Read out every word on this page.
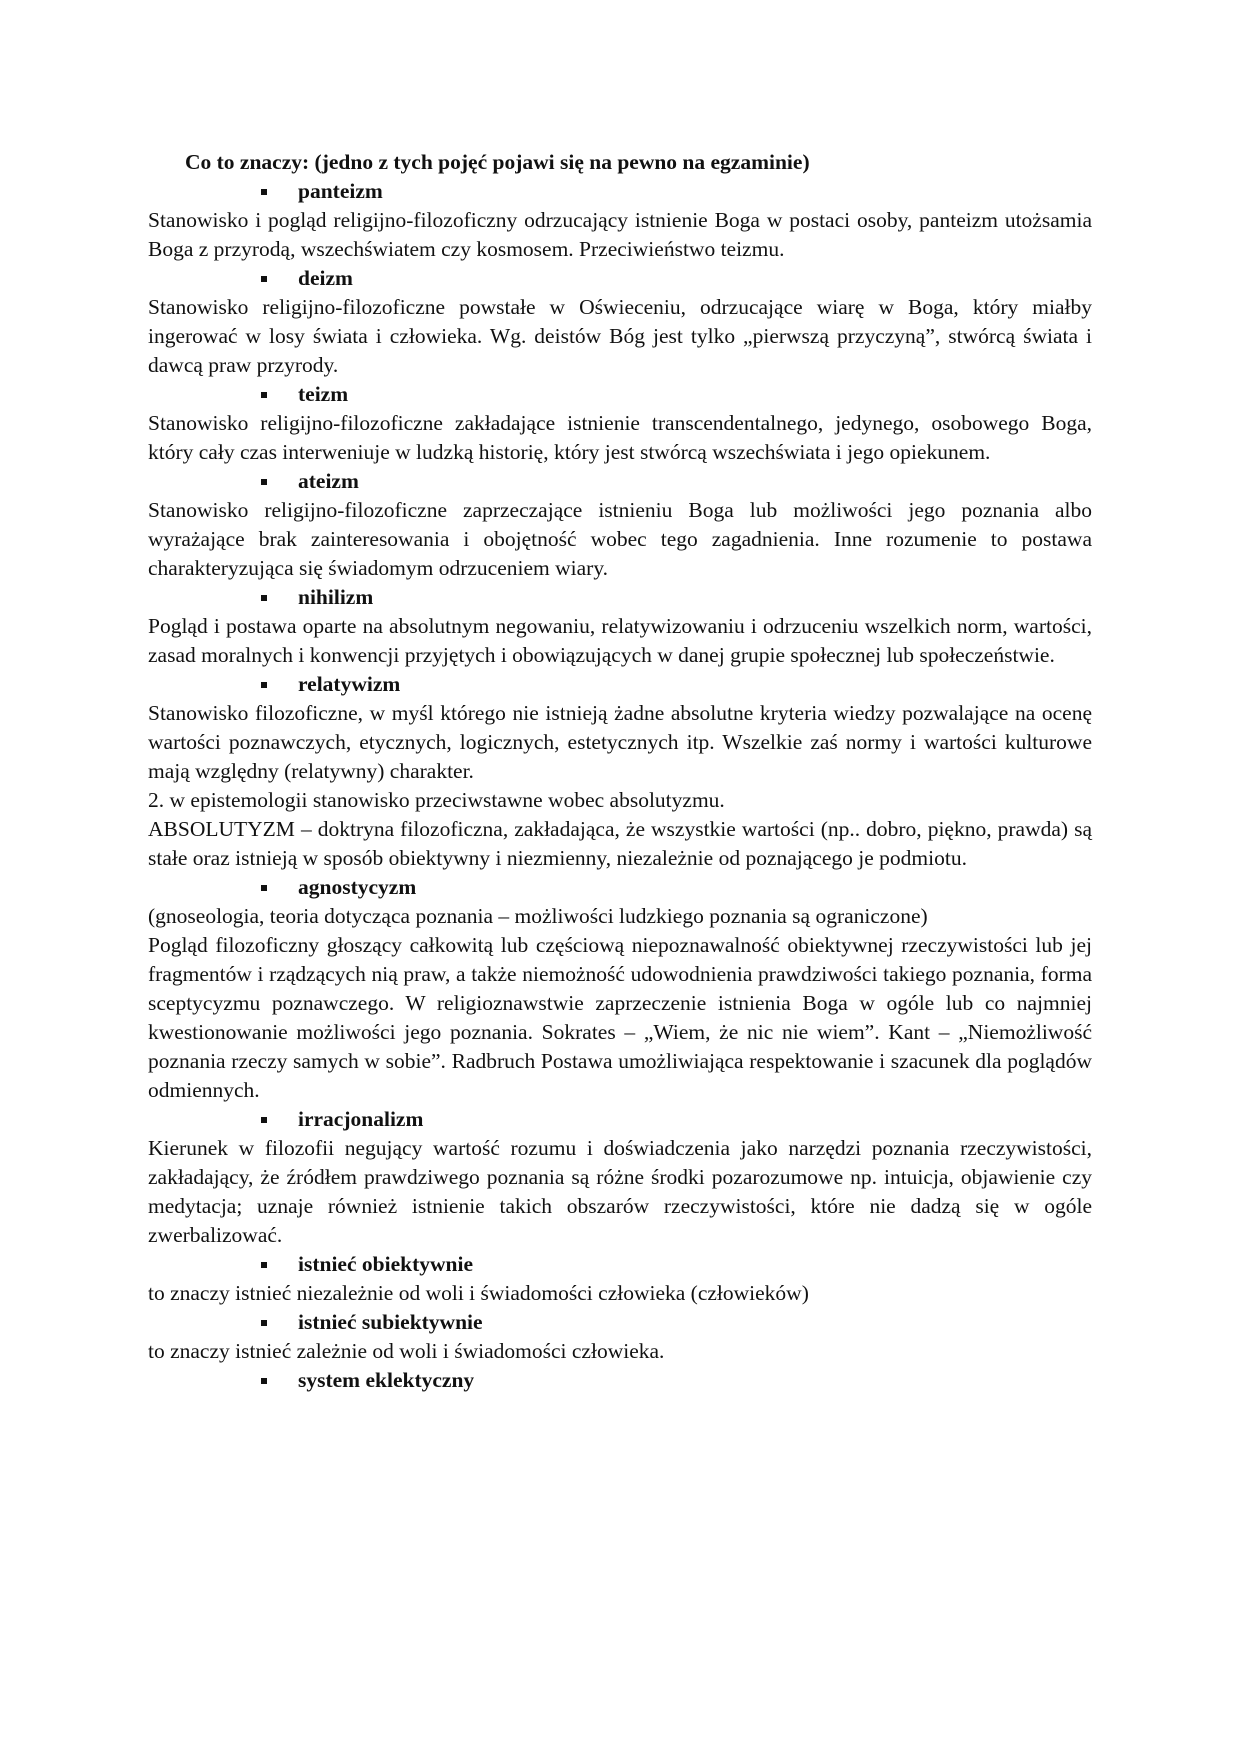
Co to znaczy: (jedno z tych pojęć pojawi się na pewno na egzaminie)
panteizm

Stanowisko i pogląd religijno-filozoficzny odrzucający istnienie Boga w postaci osoby, panteizm utożsamia Boga z przyrodą, wszechświatem czy kosmosem. Przeciwieństwo teizmu.

deizm

Stanowisko religijno-filozoficzne powstałe w Oświeceniu, odrzucające wiarę w Boga, który miałby ingerować w losy świata i człowieka. Wg. deistów Bóg jest tylko „pierwszą przyczyną”, stwórcą świata i dawcą praw przyrody.

teizm

Stanowisko religijno-filozoficzne zakładające istnienie transcendentalnego, jedynego, osobowego Boga, który cały czas interweniuje w ludzką historię, który jest stwórcą wszechświata i jego opiekunem.

ateizm

Stanowisko religijno-filozoficzne zaprzeczające istnieniu Boga lub możliwości jego poznania albo wyrażające brak zainteresowania i obojętność wobec tego zagadnienia. Inne rozumenie to postawa charakteryzująca się świadomym odrzuceniem wiary.

nihilizm

Pogląd i postawa oparte na absolutnym negowaniu, relatywizowaniu i odrzuceniu wszelkich norm, wartości, zasad moralnych i konwencji przyjętych i obowiązujących w danej grupie społecznej lub społeczeństwie.

relatywizm

Stanowisko filozoficzne, w myśl którego nie istnieją żadne absolutne kryteria wiedzy pozwalające na ocenę wartości poznawczych, etycznych, logicznych, estetycznych itp. Wszelkie zaś normy i wartości kulturowe mają względny (relatywny) charakter.

2. w epistemologii stanowisko przeciwstawne wobec absolutyzmu.

ABSOLUTYZM – doktryna filozoficzna, zakładająca, że wszystkie wartości (np.. dobro, piękno, prawda) są stałe oraz istnieją w sposób obiektywny i niezmienny, niezależnie od poznającego je podmiotu.

agnostycyzm

(gnoseologia, teoria dotycząca poznania – możliwości ludzkiego poznania są ograniczone)

Pogląd filozoficzny głoszący całkowitą lub częściową niepoznawalność obiektywnej rzeczywistości lub jej fragmentów i rządzących nią praw, a także niemożność udowodnienia prawdziwości takiego poznania, forma sceptycyzmu poznawczego. W religioznawstwie zaprzeczenie istnienia Boga w ogóle lub co najmniej kwestionowanie możliwości jego poznania. Sokrates – „Wiem, że nic nie wiem”. Kant – „Niemożliwość poznania rzeczy samych w sobie”. Radbruch Postawa umożliwiająca respektowanie i szacunek dla poglądów odmiennych.

irracjonalizm

Kierunek w filozofii negujący wartość rozumu i doświadczenia jako narzędzi poznania rzeczywistości, zakładający, że źródłem prawdziwego poznania są różne środki pozarozumowe np. intuicja, objawienie czy medytacja; uznaje również istnienie takich obszarów rzeczywistości, które nie dadzą się w ogóle zwerbalizować.

istnieć obiektywnie

to znaczy istnieć niezależnie od woli i świadomości człowieka (człowieków)

istnieć subiektywnie

to znaczy istnieć zależnie od woli i świadomości człowieka.

system eklektyczny
